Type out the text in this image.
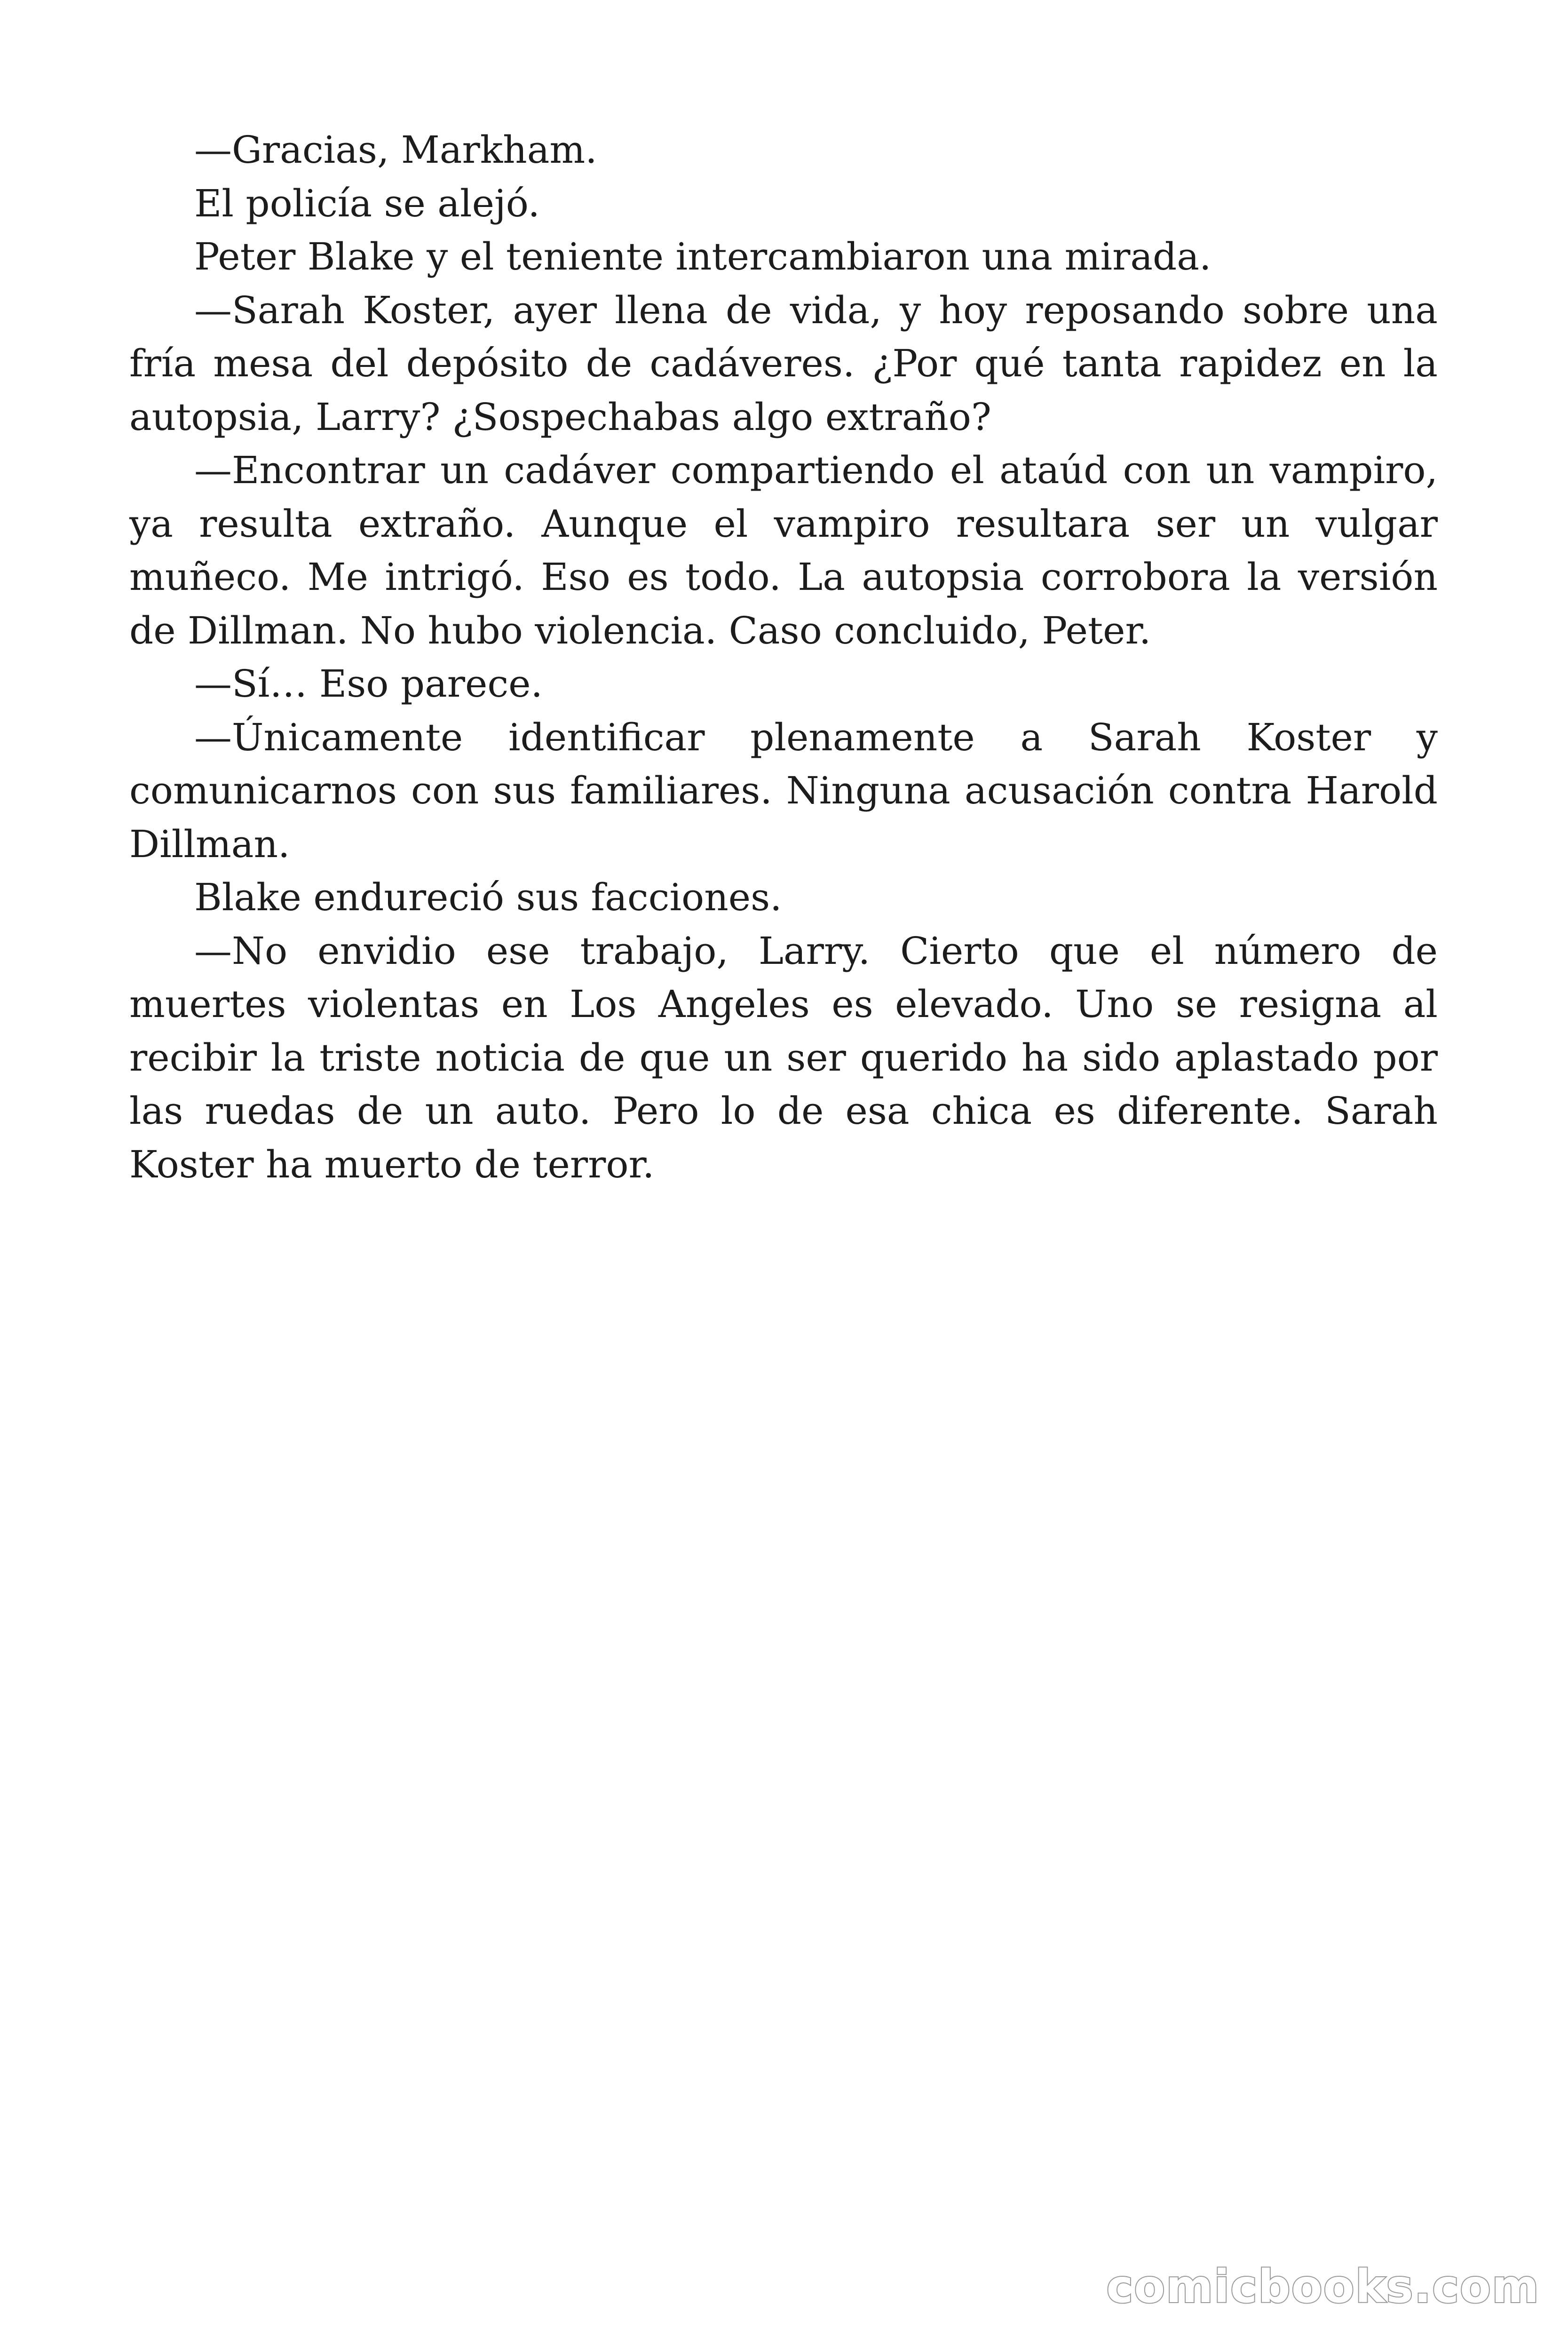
—Gracias, Markham.

El policía se alejó.

Peter Blake y el teniente intercambiaron una mirada.

—Sarah Koster, ayer llena de vida, y hoy reposando sobre una fría mesa del depósito de cadáveres. ¿Por qué tanta rapidez en la autopsia, Larry? ¿Sospechabas algo extraño?

—Encontrar un cadáver compartiendo el ataúd con un vampiro, ya resulta extraño. Aunque el vampiro resultara ser un vulgar muñeco. Me intrigó. Eso es todo. La autopsia corrobora la versión de Dillman. No hubo violencia. Caso concluido, Peter.

—Sí… Eso parece.

—Únicamente identificar plenamente a Sarah Koster y comunicarnos con sus familiares. Ninguna acusación contra Harold Dillman.

Blake endureció sus facciones.

—No envidio ese trabajo, Larry. Cierto que el número de muertes violentas en Los Angeles es elevado. Uno se resigna al recibir la triste noticia de que un ser querido ha sido aplastado por las ruedas de un auto. Pero lo de esa chica es diferente. Sarah Koster ha muerto de terror.

comicbooks.com
